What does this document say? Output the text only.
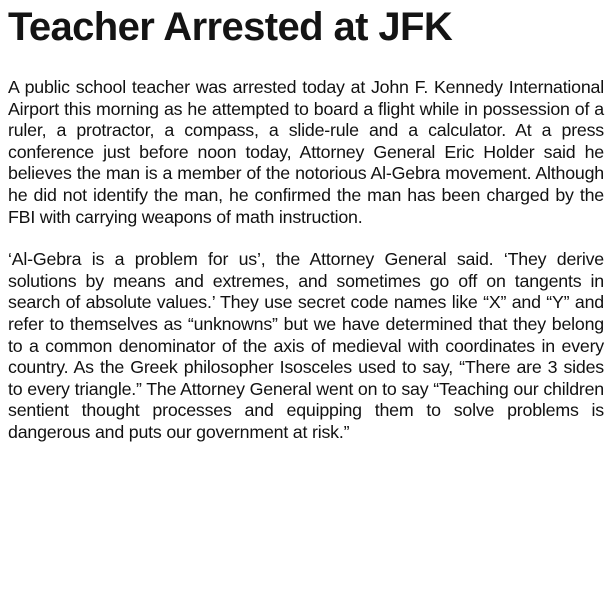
Teacher Arrested at JFK

A public school teacher was arrested today at John F. Kennedy International Airport this morning as he attempted to board a flight while in possession of a ruler, a protractor, a compass, a slide-rule and a calculator. At a press conference just before noon today, Attorney General Eric Holder said he believes the man is a member of the notorious Al-Gebra movement. Although he did not identify the man, he confirmed the man has been charged by the FBI with carrying weapons of math instruction.

‘Al-Gebra is a problem for us’, the Attorney General said. ‘They derive solutions by means and extremes, and sometimes go off on tangents in search of absolute values.’ They use secret code names like “X” and “Y” and refer to themselves as “unknowns” but we have determined that they belong to a common denominator of the axis of medieval with coordinates in every country. As the Greek philosopher Isosceles used to say, “There are 3 sides to every triangle.” The Attorney General went on to say “Teaching our children sentient thought processes and equipping them to solve problems is dangerous and puts our government at risk.”
